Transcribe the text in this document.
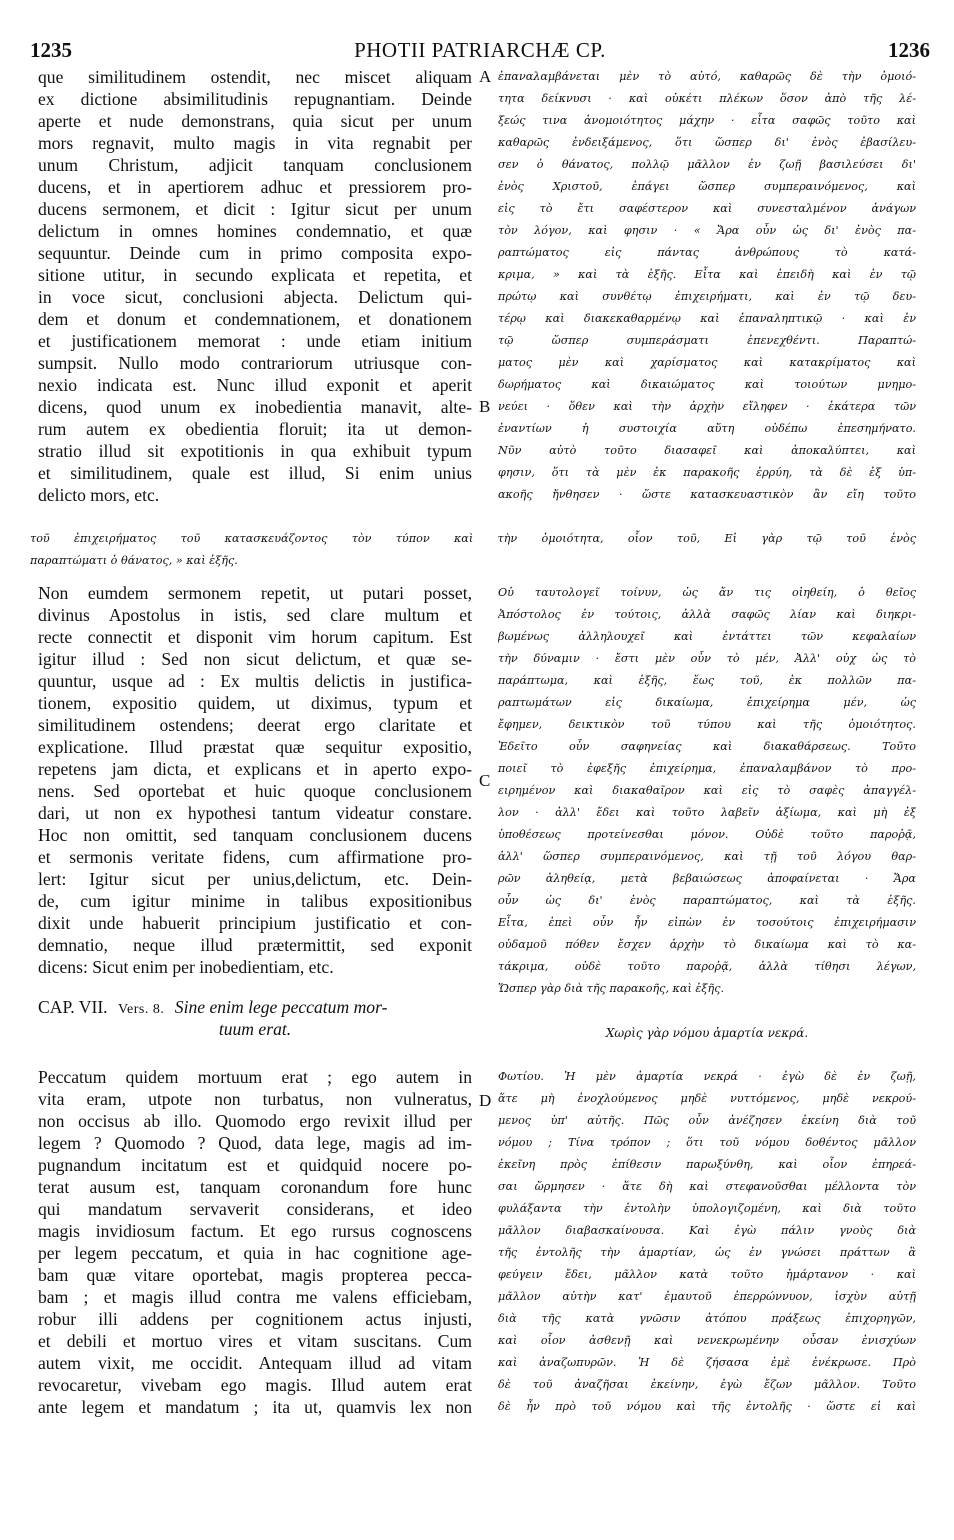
1235	PHOTII PATRIARCHÆ CP.	1236
que similitudinem ostendit, nec miscet aliquam
ex dictione absimilitudinis repugnantiam. Deinde
aperte et nude demonstrans, quia sicut per unum
mors regnavit, multo magis in vita regnabit per
unum Christum, adjicit tanquam conclusionem
ducens, et in apertiorem adhuc et pressiorem pro-
ducens sermonem, et dicit : Igitur sicut per unum
delictum in omnes homines condemnatio, et quæ
sequuntur. Deinde cum in primo composita expo-
sitione utitur, in secundo explicata et repetita, et
in voce sicut, conclusioni abjecta. Delictum qui-
dem et donum et condemnationem, et donationem
et justificationem memorat : unde etiam initium
sumpsit. Nullo modo contrariorum utriusque con-
nexio indicata est. Nunc illud exponit et aperit
dicens, quod unum ex inobedientia manavit, alte-
rum autem ex obedientia floruit; ita ut demon-
stratio illud sit expotitionis in qua exhibuit typum
et similitudinem, quale est illud, Si enim unius
delicto mors, etc.
ἐπαναλαμβάνεται μὲν τὸ αὐτό, καθαρῶς δὲ τὴν ὁμοιό-
τητα δείκνυσι · καὶ οὐκέτι πλέκων ὅσον ἀπὸ τῆς λέ-
ξεώς τινα ἀνομοιότητος μάχην · εἶτα σαφῶς τοῦτο καὶ
καθαρῶς ἐνδειξάμενος, ὅτι ὥσπερ δι' ἑνὸς ἐβασίλευ-
σεν ὁ θάνατος, πολλῷ μᾶλλον ἐν ζωῇ βασιλεύσει δι'
ἑνὸς Χριστοῦ, ἐπάγει ὥσπερ συμπεραινόμενος, καὶ
εἰς τὸ ἔτι σαφέστερον καὶ συνεσταλμένον ἀνάγων
τὸν λόγον, καὶ φησιν · « Ἄρα οὖν ὡς δι' ἑνὸς πα-
ραπτώματος εἰς πάντας ἀνθρώπους τὸ κατά-
κριμα, » καὶ τὰ ἑξῆς. Εἶτα καὶ ἐπειδὴ καὶ ἐν τῷ
πρώτῳ καὶ συνθέτῳ ἐπιχειρήματι, καὶ ἐν τῷ δευ-
τέρῳ καὶ διακεκαθαρμένῳ καὶ ἐπαναληπτικῷ · καὶ ἐν
τῷ ὥσπερ συμπεράσματι ἐπενεχθέντι. Παραπτώ-
ματος μὲν καὶ χαρίσματος καὶ κατακρίματος καὶ
δωρήματος καὶ δικαιώματος καὶ τοιούτων μνημο-
νεύει · ὅθεν καὶ τὴν ἀρχὴν εἴληφεν · ἑκάτερα τῶν
ἐναντίων ἡ συστοιχία αὕτη οὐδέπω ἐπεσημήνατο.
Νῦν αὐτὸ τοῦτο διασαφεῖ καὶ ἀποκαλύπτει, καὶ
φησιν, ὅτι τὰ μὲν ἐκ παρακοῆς ἐρρύη, τὰ δὲ ἐξ ὑπ-
ακοῆς ἤνθησεν · ὥστε κατασκευαστικὸν ἂν εἴη τοῦτο
A
B
C
D
τοῦ ἐπιχειρήματος τοῦ κατασκευάζοντος τὸν τύπον καὶ τὴν ὁμοιότητα, οἷον τοῦ, Εἰ γὰρ τῷ τοῦ ἑνὸς
παραπτώματι ὁ θάνατος, » καὶ ἑξῆς.
Non eumdem sermonem repetit, ut putari posset,
divinus Apostolus in istis, sed clare multum et
recte connectit et disponit vim horum capitum. Est
igitur illud : Sed non sicut delictum, et quæ se-
quuntur, usque ad : Ex multis delictis in justifica-
tionem, expositio quidem, ut diximus, typum et
similitudinem ostendens; deerat ergo claritate et
explicatione. Illud præstat quæ sequitur expositio,
repetens jam dicta, et explicans et in aperto expo-
nens. Sed oportebat et huic quoque conclusionem
dari, ut non ex hypothesi tantum videatur constare.
Hoc non omittit, sed tanquam conclusionem ducens
et sermonis veritate fidens, cum affirmatione pro-
lert: Igitur sicut per unius,delictum, etc. Dein-
de, cum igitur minime in talibus expositionibus
dixit unde habuerit principium justificatio et con-
demnatio, neque illud prætermittit, sed exponit
dicens: Sicut enim per inobedientiam, etc.
Οὐ ταυτολογεῖ τοίνυν, ὡς ἄν τις οἰηθείη, ὁ θεῖος
Ἀπόστολος ἐν τούτοις, ἀλλὰ σαφῶς λίαν καὶ διηκρι-
βωμένως ἀλληλουχεῖ καὶ ἐντάττει τῶν κεφαλαίων
τὴν δύναμιν · ἔστι μὲν οὖν τὸ μέν, Ἀλλ' οὐχ ὡς τὸ
παράπτωμα, καὶ ἑξῆς, ἕως τοῦ, ἐκ πολλῶν πα-
ραπτωμάτων εἰς δικαίωμα, ἐπιχείρημα μέν, ὡς
ἔφημεν, δεικτικὸν τοῦ τύπου καὶ τῆς ὁμοιότητος.
Ἐδεῖτο οὖν σαφηνείας καὶ διακαθάρσεως. Τοῦτο
ποιεῖ τὸ ἐφεξῆς ἐπιχείρημα, ἐπαναλαμβάνον τὸ προ-
ειρημένον καὶ διακαθαῖρον καὶ εἰς τὸ σαφὲς ἀπαγγέλ-
λον · ἀλλ' ἔδει καὶ τοῦτο λαβεῖν ἀξίωμα, καὶ μὴ ἐξ
ὑποθέσεως προτείνεσθαι μόνον. Οὐδὲ τοῦτο παροῤᾷ,
ἀλλ' ὥσπερ συμπεραινόμενος, καὶ τῇ τοῦ λόγου θαρ-
ρῶν ἀληθείᾳ, μετὰ βεβαιώσεως ἀποφαίνεται · Ἄρα
οὖν ὡς δι' ἑνὸς παραπτώματος, καὶ τὰ ἑξῆς.
Εἶτα, ἐπεὶ οὖν ἦν εἰπὼν ἐν τοσούτοις ἐπιχειρήμασιν
οὐδαμοῦ πόθεν ἔσχεν ἀρχὴν τὸ δικαίωμα καὶ τὸ κα-
τάκριμα, οὐδὲ τοῦτο παροῤᾷ, ἀλλὰ τίθησι λέγων,
Ὥσπερ γὰρ διὰ τῆς παρακοῆς, καὶ ἑξῆς.
CAP. VII. Vers. 8. Sine enim lege peccatum mor-
tuum erat.	Χωρὶς γὰρ νόμου ἁμαρτία νεκρά.
Peccatum quidem mortuum erat ; ego autem in
vita eram, utpote non turbatus, non vulneratus,
non occisus ab illo. Quomodo ergo revixit illud per
legem ? Quomodo ? Quod, data lege, magis ad im-
pugnandum incitatum est et quidquid nocere po-
terat ausum est, tanquam coronandum fore hunc
qui mandatum servaverit considerans, et ideo
magis invidiosum factum. Et ego rursus cognoscens
per legem peccatum, et quia in hac cognitione age-
bam quæ vitare oportebat, magis propterea pecca-
bam ; et magis illud contra me valens efficiebam,
robur illi addens per cognitionem actus injusti,
et debili et mortuo vires et vitam suscitans. Cum
autem vixit, me occidit. Antequam illud ad vitam
revocaretur, vivebam ego magis. Illud autem erat
ante legem et mandatum ; ita ut, quamvis lex non
Φωτίου. Ἡ μὲν ἁμαρτία νεκρά · ἐγὼ δὲ ἐν ζωῇ,
ἅτε μὴ ἐνοχλούμενος μηδὲ νυττόμενος, μηδὲ νεκρού-
μενος ὑπ' αὐτῆς. Πῶς οὖν ἀνέζησεν ἐκείνη διὰ τοῦ
νόμου ; Τίνα τρόπον ; ὅτι τοῦ νόμου δοθέντος μᾶλλον
ἐκεῖνη πρὸς ἐπίθεσιν παρωξύνθη, καὶ οἷον ἐπηρεά-
σαι ὥρμησεν · ἅτε δὴ καὶ στεφανοῦσθαι μέλλοντα τὸν
φυλάξαντα τὴν ἐντολὴν ὑπολογιζομένη, καὶ διὰ τοῦτο
μᾶλλον διαβασκαίνουσα. Καὶ ἐγὼ πάλιν γνοὺς διὰ
τῆς ἐντολῆς τὴν ἁμαρτίαν, ὡς ἐν γνώσει πράττων ἃ
φεύγειν ἔδει, μᾶλλον κατὰ τοῦτο ἡμάρτανον · καὶ
μᾶλλον αὐτὴν κατ' ἐμαυτοῦ ἐπερρώννυον, ἰσχὺν αὐτῇ
διὰ τῆς κατὰ γνῶσιν ἀτόπου πράξεως ἐπιχορηγῶν,
καὶ οἷον ἀσθενῇ καὶ νενεκρωμένην οὖσαν ἐνισχύων
καὶ ἀναζωπυρῶν. Ἡ δὲ ζήσασα ἐμὲ ἐνέκρωσε. Πρὸ
δὲ τοῦ ἀναζῆσαι ἐκείνην, ἐγὼ ἔζων μᾶλλον. Τοῦτο
δὲ ἦν πρὸ τοῦ νόμου καὶ τῆς ἐντολῆς · ὥστε εἰ καὶ
